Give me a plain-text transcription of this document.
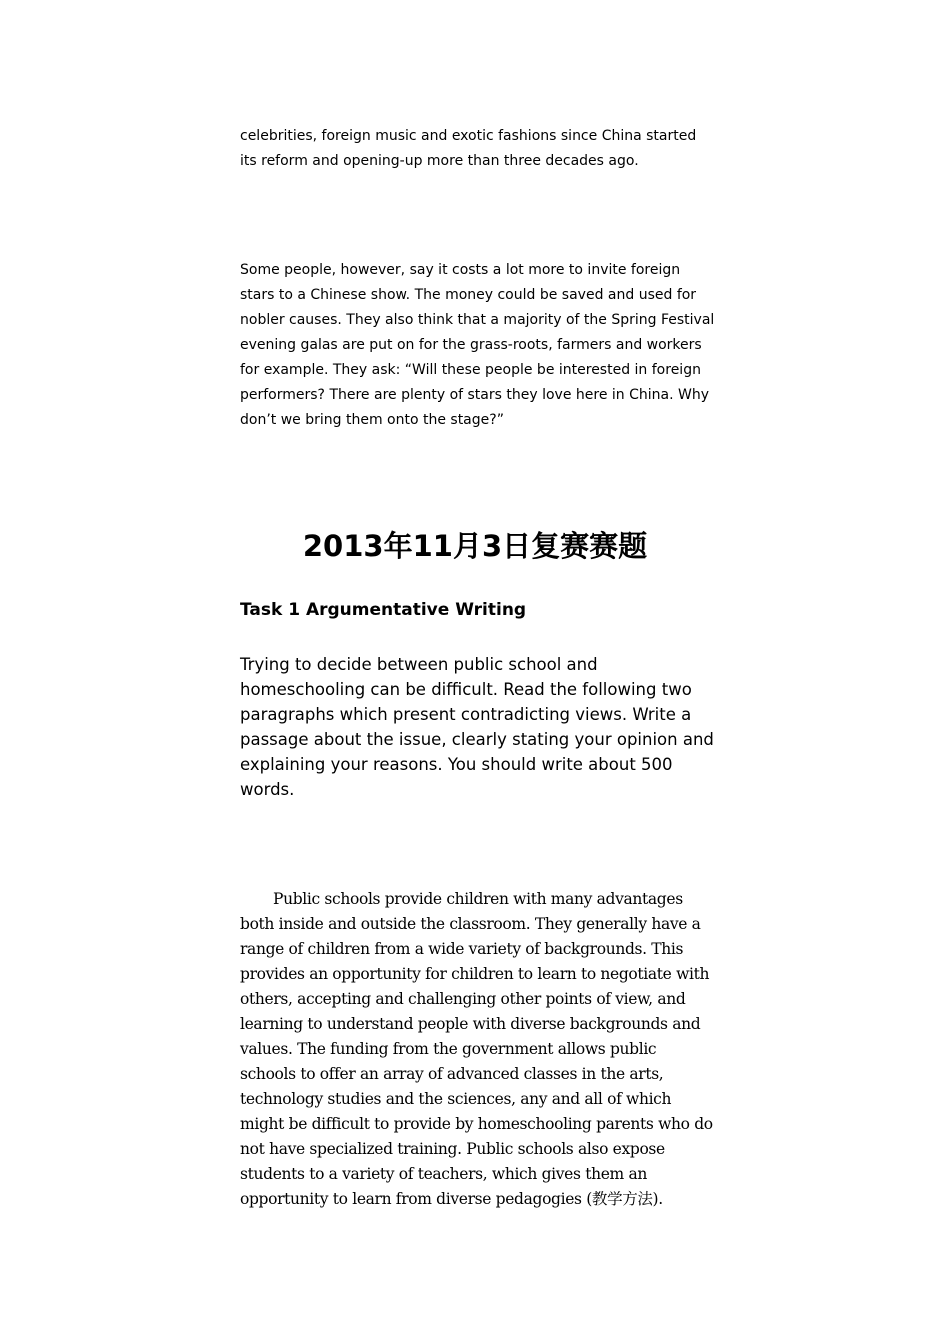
celebrities, foreign music and exotic fashions since China started its reform and opening-up more than three decades ago.

Some people, however, say it costs a lot more to invite foreign stars to a Chinese show. The money could be saved and used for nobler causes. They also think that a majority of the Spring Festival evening galas are put on for the grass-roots, farmers and workers for example. They ask: “Will these people be interested in foreign performers? There are plenty of stars they love here in China. Why don’t we bring them onto the stage?”

2013年11月3日复赛赛题
Task 1 Argumentative Writing

Trying to decide between public school and homeschooling can be difficult. Read the following two paragraphs which present contradicting views. Write a passage about the issue, clearly stating your opinion and explaining your reasons. You should write about 500 words.

Public schools provide children with many advantages both inside and outside the classroom. They generally have a range of children from a wide variety of backgrounds. This provides an opportunity for children to learn to negotiate with others, accepting and challenging other points of view, and learning to understand people with diverse backgrounds and values. The funding from the government allows public schools to offer an array of advanced classes in the arts, technology studies and the sciences, any and all of which might be difficult to provide by homeschooling parents who do not have specialized training. Public schools also expose students to a variety of teachers, which gives them an opportunity to learn from diverse pedagogies (教学方法).
